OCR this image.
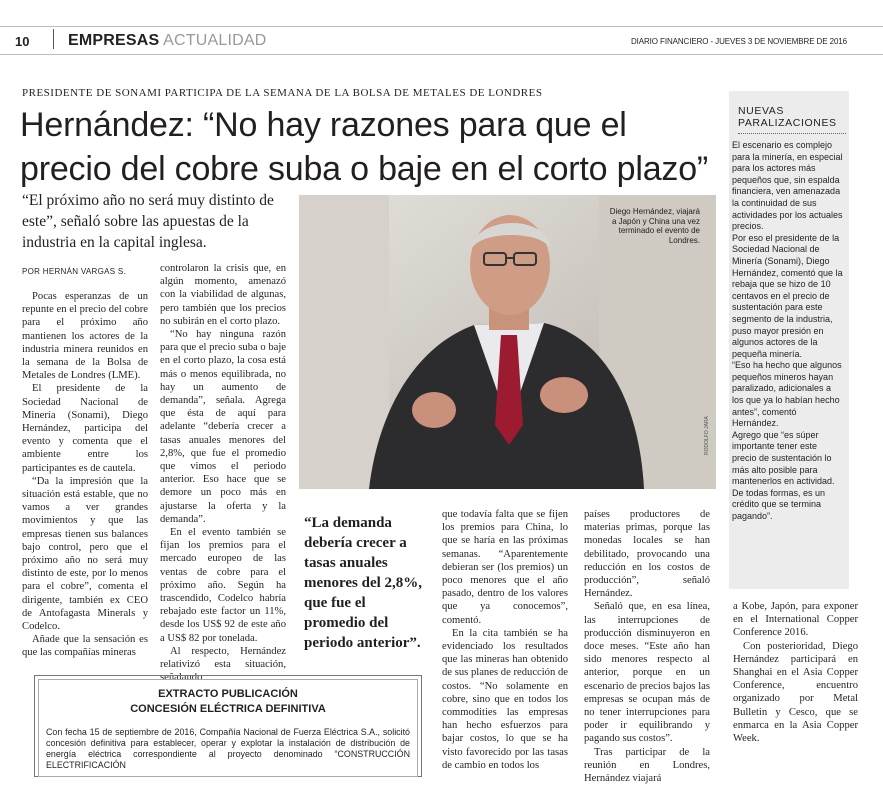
10 EMPRESAS ACTUALIDAD	DIARIO FINANCIERO - JUEVES 3 DE NOVIEMBRE DE 2016
PRESIDENTE DE SONAMI PARTICIPA DE LA SEMANA DE LA BOLSA DE METALES DE LONDRES
Hernández: “No hay razones para que el precio del cobre suba o baje en el corto plazo”
“El próximo año no será muy distinto de este”, señaló sobre las apuestas de la industria en la capital inglesa.
POR HERNÁN VARGAS S.
Diego Hernández, viajará a Japón y China una vez terminado el evento de Londres.
RODOLFO JARA

Pocas esperanzas de un repunte en el precio del cobre para el próximo año mantienen los actores de la industria minera reunidos en la semana de la Bolsa de Metales de Londres (LME).

El presidente de la Sociedad Nacional de Minería (Sonami), Diego Hernández, participa del evento y comenta que el ambiente entre los participantes es de cautela.

“Da la impresión que la situación está estable, que no vamos a ver grandes movimientos y que las empresas tienen sus balances bajo control, pero que el próximo año no será muy distinto de este, por lo menos para el cobre”, comenta el dirigente, también ex CEO de Antofagasta Minerals y Codelco.

Añade que la sensación es que las compañías mineras

controlaron la crisis que, en algún momento, amenazó con la viabilidad de algunas, pero también que los precios no subirán en el corto plazo.

“No hay ninguna razón para que el precio suba o baje en el corto plazo, la cosa está más o menos equilibrada, no hay un aumento de demanda”, señala. Agrega que ésta de aquí para adelante “debería crecer a tasas anuales menores del 2,8%, que fue el promedio que vimos el periodo anterior. Eso hace que se demore un poco más en ajustarse la oferta y la demanda”.

En el evento también se fijan los premios para el mercado europeo de las ventas de cobre para el próximo año. Según ha trascendido, Codelco habría rebajado este factor un 11%, desde los US$ 92 de este año a US$ 82 por tonelada.

Al respecto, Hernández relativizó esta situación, señalando

“La demanda debería crecer a tasas anuales menores del 2,8%, que fue el promedio del periodo anterior”.

que todavía falta que se fijen los premios para China, lo que se haría en las próximas semanas. “Aparentemente debieran ser (los premios) un poco menores que el año pasado, dentro de los valores que ya conocemos”, comentó.

En la cita también se ha evidenciado los resultados que las mineras han obtenido de sus planes de reducción de costos. “No solamente en cobre, sino que en todos los commodities las empresas han hecho esfuerzos para bajar costos, lo que se ha visto favorecido por las tasas de cambio en todos los

países productores de materias primas, porque las monedas locales se han debilitado, provocando una reducción en los costos de producción”, señaló Hernández.

Señaló que, en esa línea, las interrupciones de producción disminuyeron en doce meses. “Este año han sido menores respecto al anterior, porque en un escenario de precios bajos las empresas se ocupan más de no tener interrupciones para poder ir equilibrando y pagando sus costos”.

Tras participar de la reunión en Londres, Hernández viajará

a Kobe, Japón, para exponer en el International Copper Conference 2016.

Con posterioridad, Diego Hernández participará en Shanghai en el Asia Copper Conference, encuentro organizado por Metal Bulletin y Cesco, que se enmarca en la Asia Copper Week.

NUEVAS PARALIZACIONES

El escenario es complejo para la minería, en especial para los actores más pequeños que, sin espalda financiera, ven amenazada la continuidad de sus actividades por los actuales precios.

Por eso el presidente de la Sociedad Nacional de Minería (Sonami), Diego Hernández, comentó que la rebaja que se hizo de 10 centavos en el precio de sustentación para este segmento de la industria, puso mayor presión en algunos actores de la pequeña minería.

“Eso ha hecho que algunos pequeños mineros hayan paralizado, adicionales a los que ya lo habían hecho antes”, comentó Hernández.

Agrego que “es súper importante tener este precio de sustentación lo más alto posible para mantenerlos en actividad. De todas formas, es un crédito que se termina pagando”.

EXTRACTO PUBLICACIÓN
CONCESIÓN ELÉCTRICA DEFINITIVA
Con fecha 15 de septiembre de 2016, Compañía Nacional de Fuerza Eléctrica S.A., solicitó concesión definitiva para establecer, operar y explotar la instalación de distribución de energía eléctrica correspondiente al proyecto denominado “CONSTRUCCIÓN ELECTRIFICACIÓN
